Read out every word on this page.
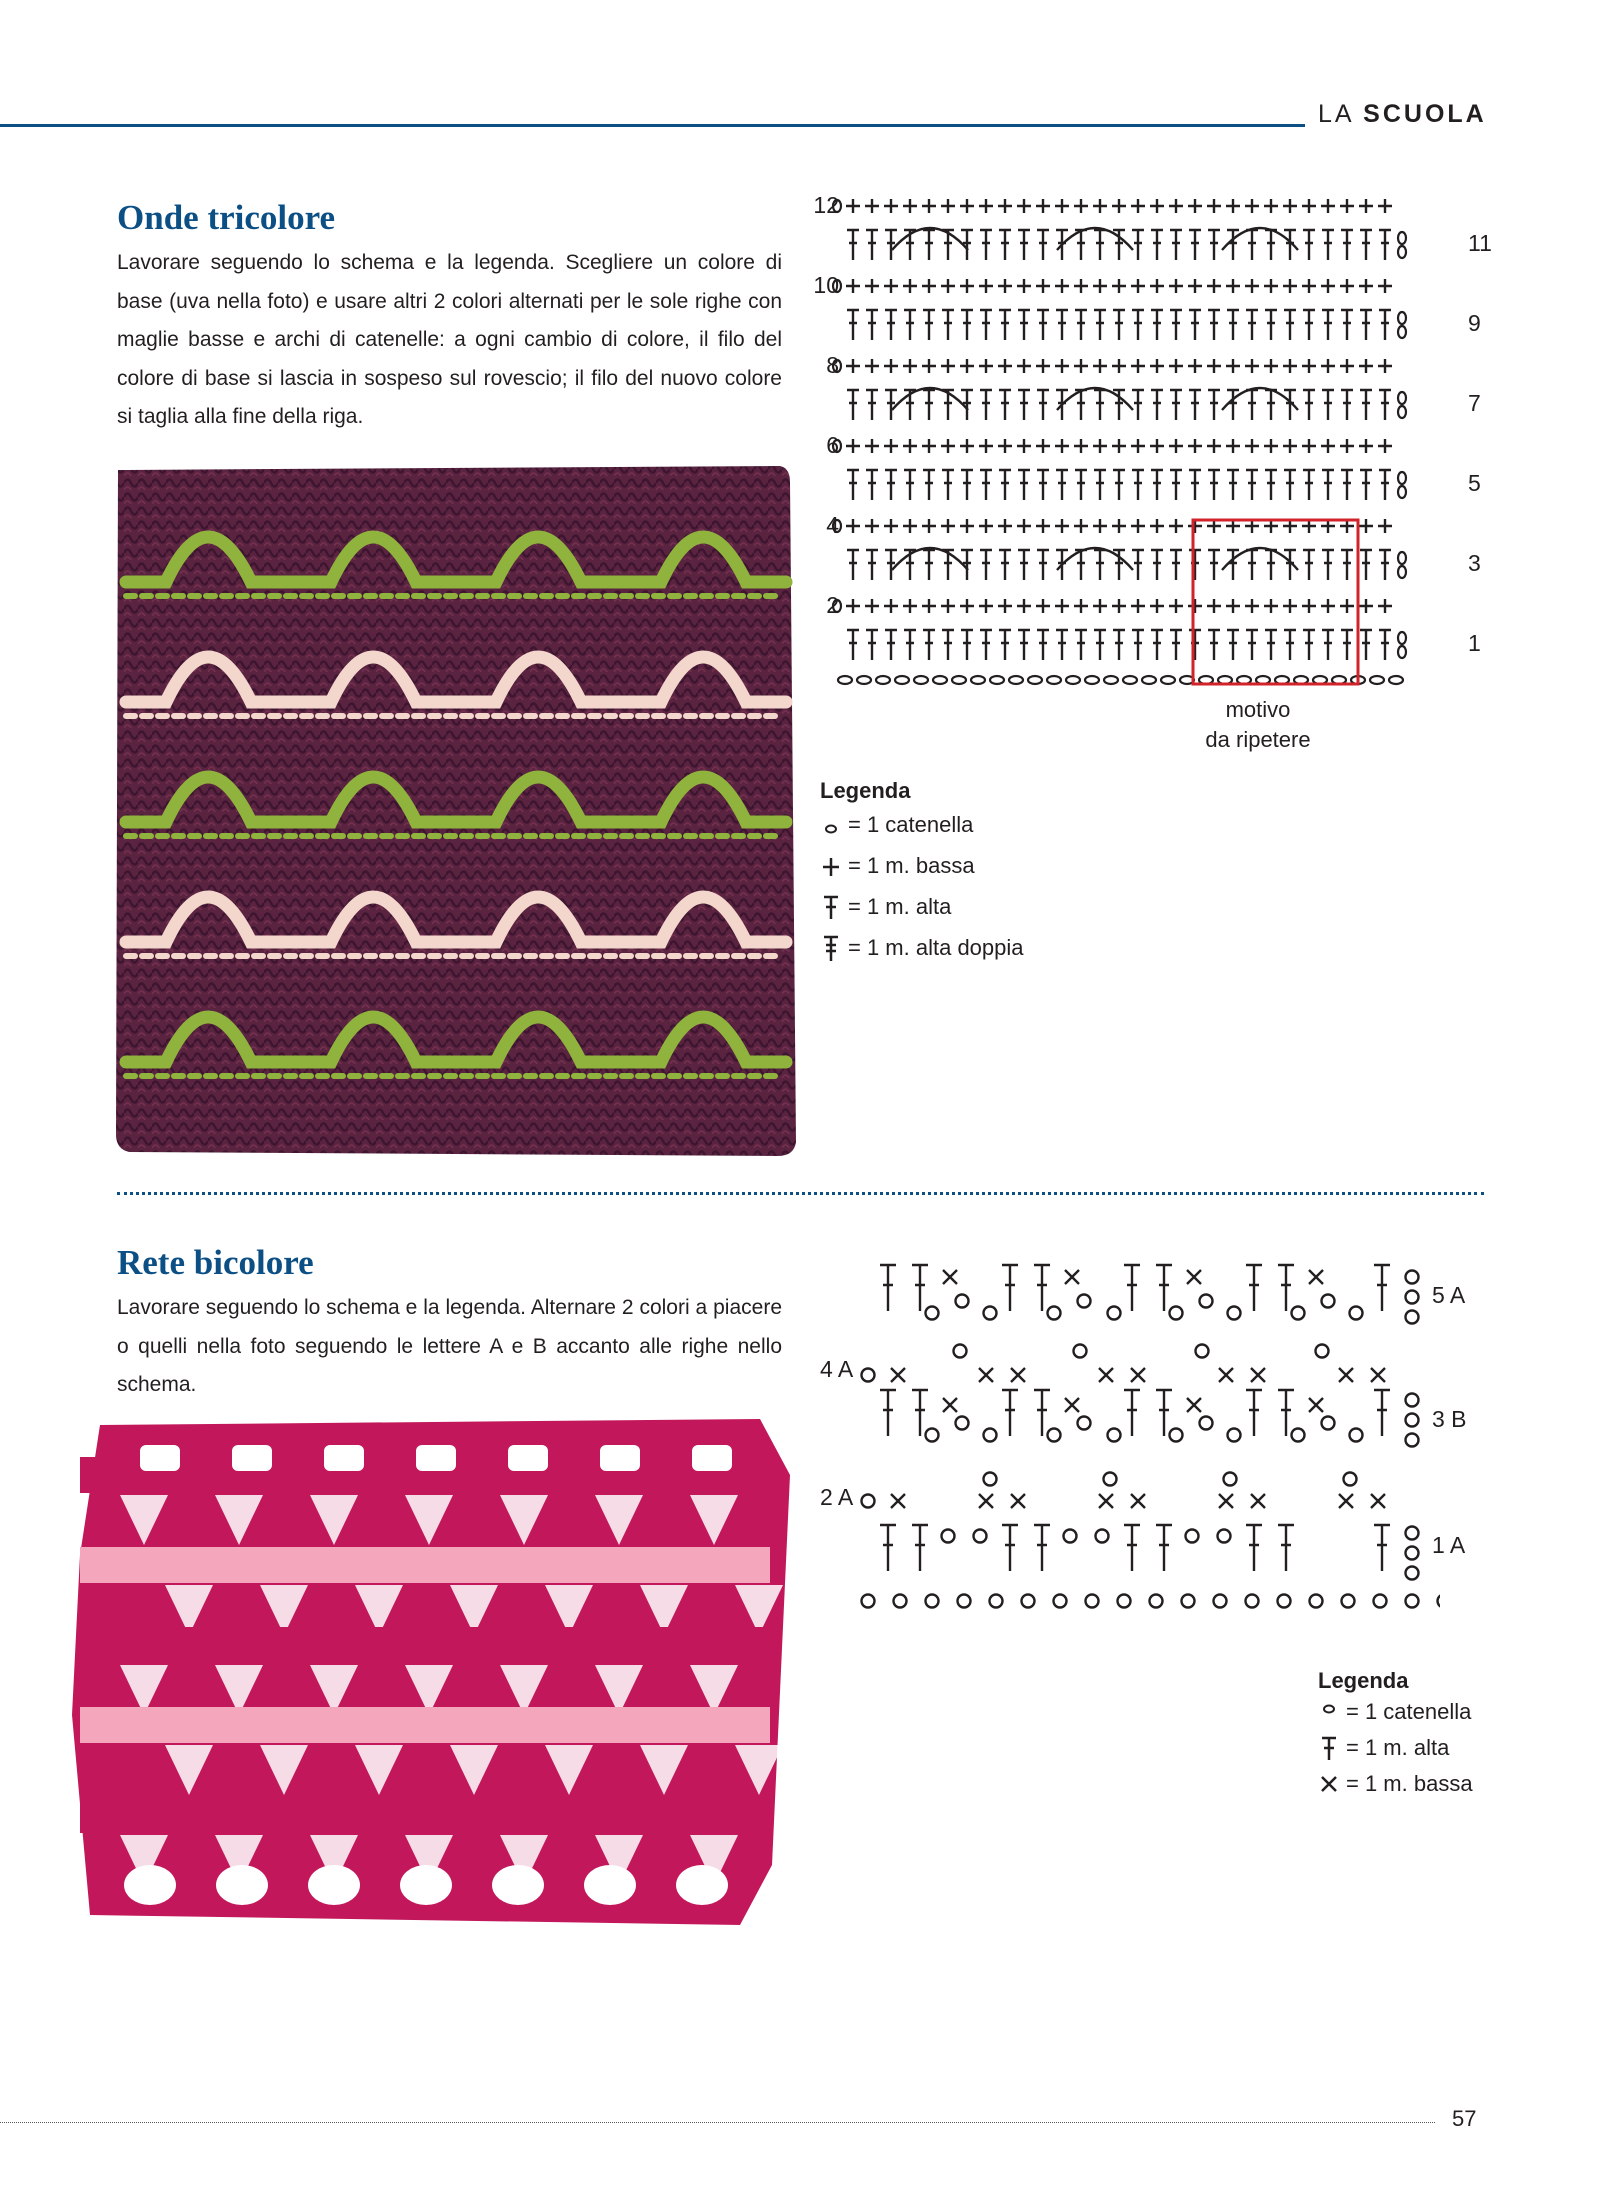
LA SCUOLA
Onde tricolore
Lavorare seguendo lo schema e la legenda. Scegliere un colore di base (uva nella foto) e usare altri 2 colori alternati per le sole righe con maglie basse e archi di catenelle: a ogni cambio di colore, il filo del colore di base si lascia in sospeso sul rovescio; il filo del nuovo colore si taglia alla fine della riga.
12
10
8
6
4
2
11
9
7
5
3
1
motivo
da ripetere
Legenda
= 1 catenella
= 1 m. bassa
= 1 m. alta
= 1 m. alta doppia
Rete bicolore
Lavorare seguendo lo schema e la legenda. Alternare 2 colori a piacere o quelli nella foto seguendo le lettere A e B accanto alle righe nello schema.
4 A
2 A
5 A
3 B
1 A
Legenda
= 1 catenella
= 1 m. alta
= 1 m. bassa
57
